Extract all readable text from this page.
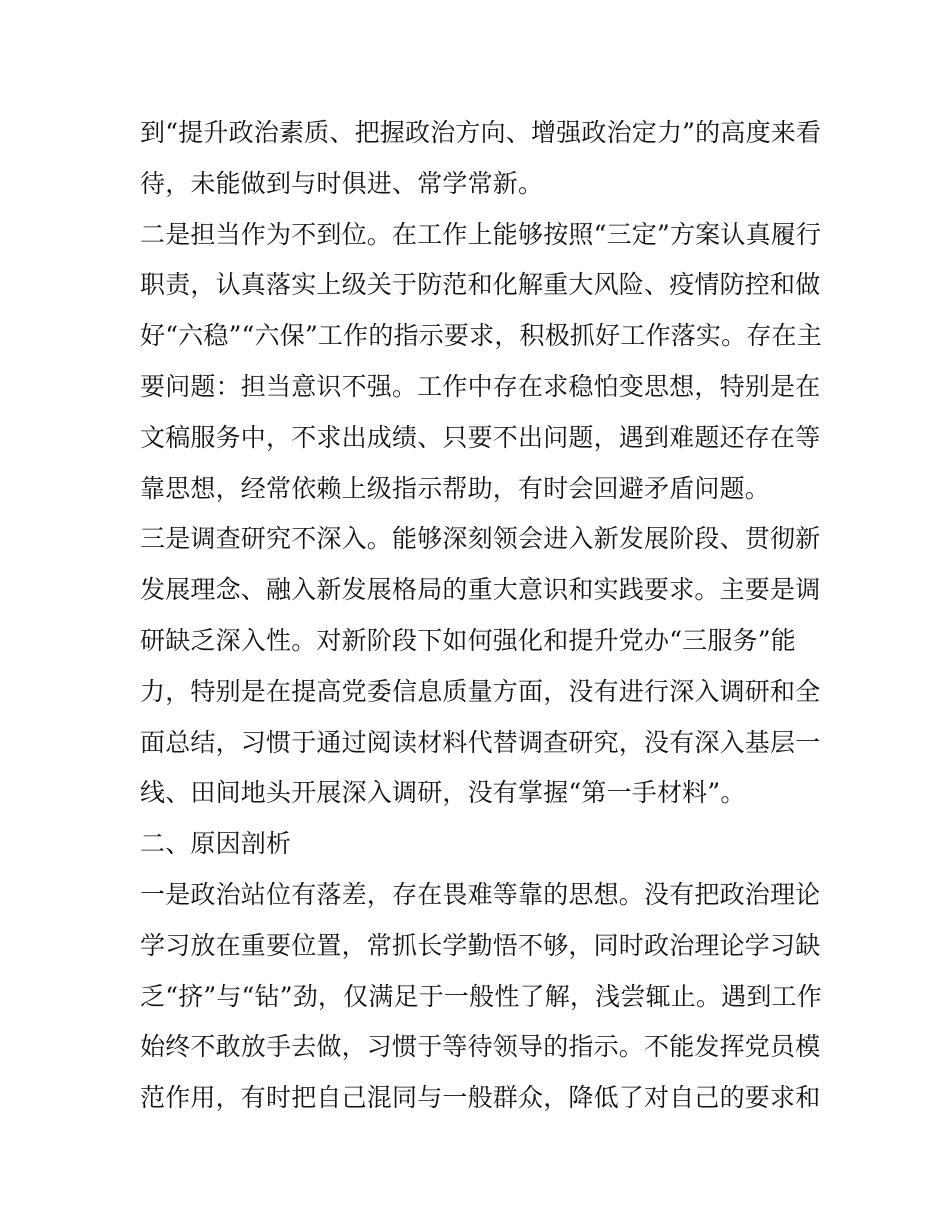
到“提升政治素质、把握政治方向、增强政治定力”的高度来看
待，未能做到与时俱进、常学常新。
二是担当作为不到位。在工作上能够按照“三定”方案认真履行
职责，认真落实上级关于防范和化解重大风险、疫情防控和做
好“六稳”“六保”工作的指示要求，积极抓好工作落实。存在主
要问题：担当意识不强。工作中存在求稳怕变思想，特别是在
文稿服务中，不求出成绩、只要不出问题，遇到难题还存在等
靠思想，经常依赖上级指示帮助，有时会回避矛盾问题。
三是调查研究不深入。能够深刻领会进入新发展阶段、贯彻新
发展理念、融入新发展格局的重大意识和实践要求。主要是调
研缺乏深入性。对新阶段下如何强化和提升党办“三服务”能
力，特别是在提高党委信息质量方面，没有进行深入调研和全
面总结，习惯于通过阅读材料代替调查研究，没有深入基层一
线、田间地头开展深入调研，没有掌握“第一手材料”。
二、原因剖析
一是政治站位有落差，存在畏难等靠的思想。没有把政治理论
学习放在重要位置，常抓长学勤悟不够，同时政治理论学习缺
乏“挤”与“钻”劲，仅满足于一般性了解，浅尝辄止。遇到工作
始终不敢放手去做，习惯于等待领导的指示。不能发挥党员模
范作用，有时把自己混同与一般群众，降低了对自己的要求和
